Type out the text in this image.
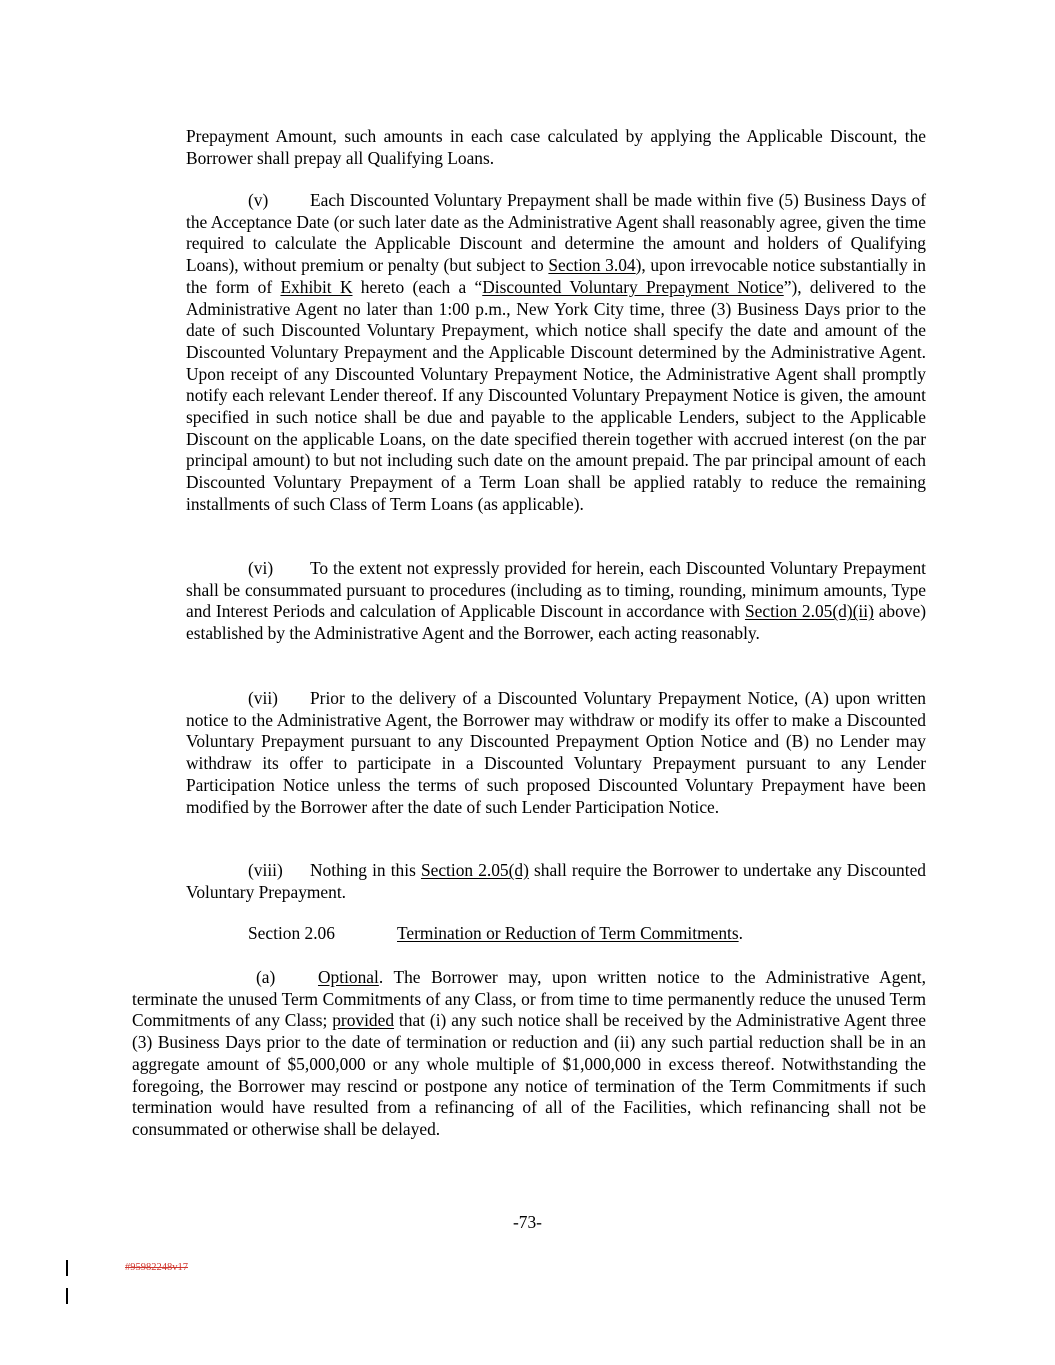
Prepayment Amount, such amounts in each case calculated by applying the Applicable Discount, the Borrower shall prepay all Qualifying Loans.

(v) Each Discounted Voluntary Prepayment shall be made within five (5) Business Days of the Acceptance Date (or such later date as the Administrative Agent shall reasonably agree, given the time required to calculate the Applicable Discount and determine the amount and holders of Qualifying Loans), without premium or penalty (but subject to Section 3.04), upon irrevocable notice substantially in the form of Exhibit K hereto (each a “Discounted Voluntary Prepayment Notice”), delivered to the Administrative Agent no later than 1:00 p.m., New York City time, three (3) Business Days prior to the date of such Discounted Voluntary Prepayment, which notice shall specify the date and amount of the Discounted Voluntary Prepayment and the Applicable Discount determined by the Administrative Agent. Upon receipt of any Discounted Voluntary Prepayment Notice, the Administrative Agent shall promptly notify each relevant Lender thereof. If any Discounted Voluntary Prepayment Notice is given, the amount specified in such notice shall be due and payable to the applicable Lenders, subject to the Applicable Discount on the applicable Loans, on the date specified therein together with accrued interest (on the par principal amount) to but not including such date on the amount prepaid. The par principal amount of each Discounted Voluntary Prepayment of a Term Loan shall be applied ratably to reduce the remaining installments of such Class of Term Loans (as applicable).

(vi) To the extent not expressly provided for herein, each Discounted Voluntary Prepayment shall be consummated pursuant to procedures (including as to timing, rounding, minimum amounts, Type and Interest Periods and calculation of Applicable Discount in accordance with Section 2.05(d)(ii) above) established by the Administrative Agent and the Borrower, each acting reasonably.

(vii) Prior to the delivery of a Discounted Voluntary Prepayment Notice, (A) upon written notice to the Administrative Agent, the Borrower may withdraw or modify its offer to make a Discounted Voluntary Prepayment pursuant to any Discounted Prepayment Option Notice and (B) no Lender may withdraw its offer to participate in a Discounted Voluntary Prepayment pursuant to any Lender Participation Notice unless the terms of such proposed Discounted Voluntary Prepayment have been modified by the Borrower after the date of such Lender Participation Notice.

(viii) Nothing in this Section 2.05(d) shall require the Borrower to undertake any Discounted Voluntary Prepayment.

Section 2.06	Termination or Reduction of Term Commitments.

(a) Optional. The Borrower may, upon written notice to the Administrative Agent, terminate the unused Term Commitments of any Class, or from time to time permanently reduce the unused Term Commitments of any Class; provided that (i) any such notice shall be received by the Administrative Agent three (3) Business Days prior to the date of termination or reduction and (ii) any such partial reduction shall be in an aggregate amount of $5,000,000 or any whole multiple of $1,000,000 in excess thereof. Notwithstanding the foregoing, the Borrower may rescind or postpone any notice of termination of the Term Commitments if such termination would have resulted from a refinancing of all of the Facilities, which refinancing shall not be consummated or otherwise shall be delayed.

-73-
#95982248v17
